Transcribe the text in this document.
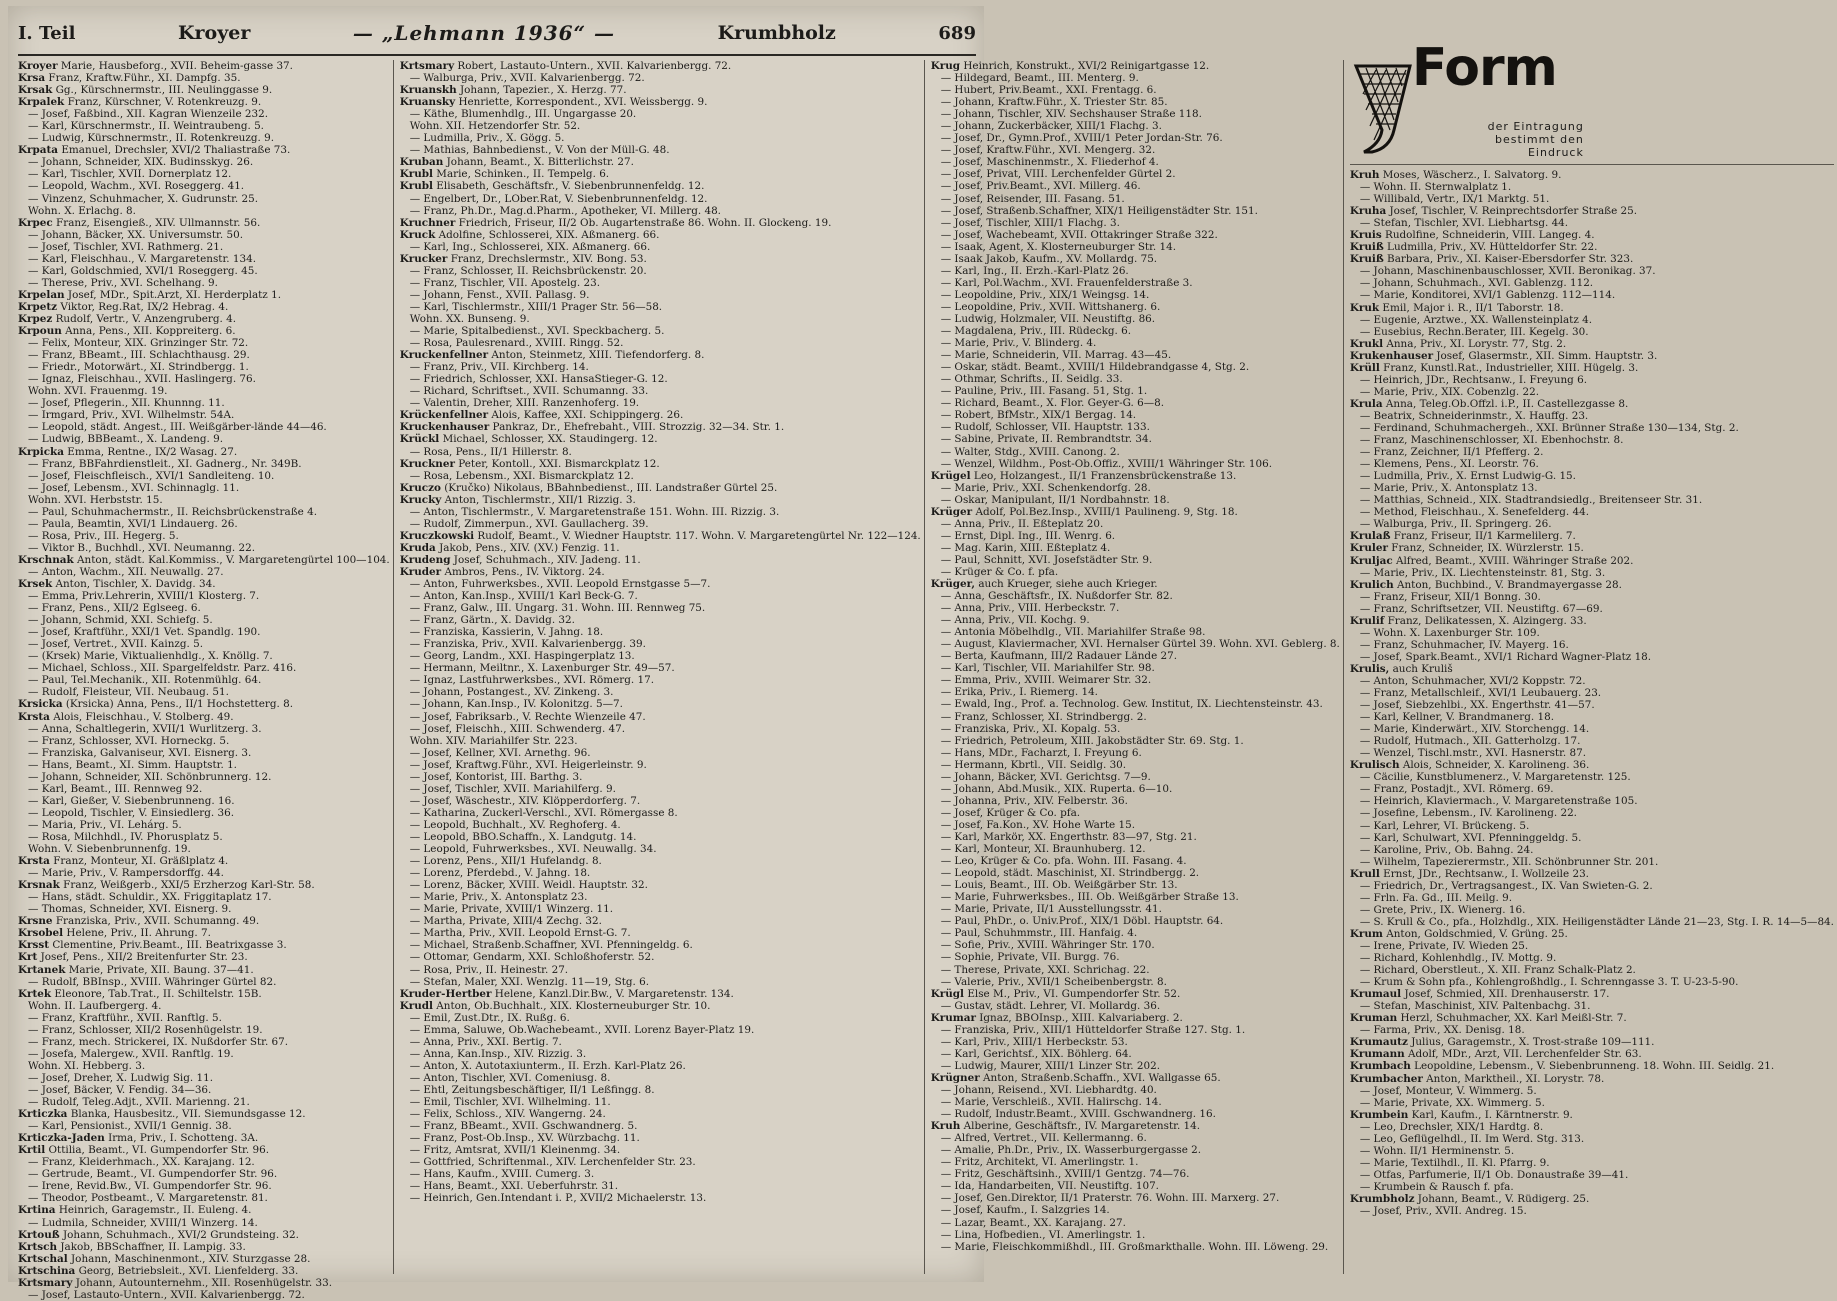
I. Teil	Kroyer	— „Lehmann 1936“ —	Krumbholz	689
Kroyer Marie, Hausbeforg., XVII. Beheim-gasse 37.
Krsa Franz, Kraftw.Führ., XI. Dampfg. 35.
Krsak Gg., Kürschnermstr., III. Neulinggasse 9.
Krpalek Franz, Kürschner, V. Rotenkreuzg. 9.
— Josef, Faßbind., XII. Kagran Wienzeile 232.
— Karl, Kürschnermstr., II. Weintraubeng. 5.
— Ludwig, Kürschnermstr., II. Rotenkreuzg. 9.
Krpata Emanuel, Drechsler, XVI/2 Thaliastraße 73.
— Johann, Schneider, XIX. Budinsskyg. 26.
— Karl, Tischler, XVII. Dornerplatz 12.
— Leopold, Wachm., XVI. Roseggerg. 41.
— Vinzenz, Schuhmacher, X. Gudrunstr. 25.
Wohn. X. Erlachg. 8.
Krpec Franz, Eisengieß., XIV. Ullmannstr. 56.
— Johann, Bäcker, XX. Universumstr. 50.
— Josef, Tischler, XVI. Rathmerg. 21.
— Karl, Fleischhau., V. Margaretenstr. 134.
— Karl, Goldschmied, XVI/1 Roseggerg. 45.
— Therese, Priv., XVI. Schelhang. 9.
Krpelan Josef, MDr., Spit.Arzt, XI. Herderplatz 1.
Krpetz Viktor, Reg.Rat, IX/2 Hebrag. 4.
Krpez Rudolf, Vertr., V. Anzengruberg. 4.
Krpoun Anna, Pens., XII. Koppreiterg. 6.
— Felix, Monteur, XIX. Grinzinger Str. 72.
— Franz, BBeamt., III. Schlachthausg. 29.
— Friedr., Motorwärt., XI. Strindbergg. 1.
— Ignaz, Fleischhau., XVII. Haslingerg. 76.
Wohn. XVI. Frauenmg. 19.
— Josef, Pflegerin., XII. Khunnng. 11.
— Irmgard, Priv., XVI. Wilhelmstr. 54A.
— Leopold, städt. Angest., III. Weißgärber-lände 44—46.
— Ludwig, BBBeamt., X. Landeng. 9.
Krpicka Emma, Rentne., IX/2 Wasag. 27.
— Franz, BBFahrdienstleit., XI. Gadnerg., Nr. 349B.
— Josef, Fleischfleisch., XVI/1 Sandleiteng. 10.
— Josef, Lebensm., XVI. Schinnaglg. 11.
Wohn. XVI. Herbststr. 15.
— Paul, Schuhmachermstr., II. Reichsbrückenstraße 4.
— Paula, Beamtin, XVI/1 Lindauerg. 26.
— Rosa, Priv., III. Hegerg. 5.
— Viktor B., Buchhdl., XVI. Neumanng. 22.
Krschnak Anton, städt. Kal.Kommiss., V. Margaretengürtel 100—104.
— Anton, Wachm., XII. Neuwallg. 27.
Krsek Anton, Tischler, X. Davidg. 34.
— Emma, Priv.Lehrerin, XVIII/1 Klosterg. 7.
— Franz, Pens., XII/2 Eglseeg. 6.
— Johann, Schmid, XXI. Schiefg. 5.
— Josef, Kraftführ., XXI/1 Vet. Spandlg. 190.
— Josef, Vertret., XVII. Kainzg. 5.
— (Krsek) Marie, Viktualienhdlg., X. Knöllg. 7.
— Michael, Schloss., XII. Spargelfeldstr. Parz. 416.
— Paul, Tel.Mechanik., XII. Rotenmühlg. 64.
— Rudolf, Fleisteur, VII. Neubaug. 51.
Krsicka (Krsicka) Anna, Pens., II/1 Hochstetterg. 8.
Krsta Alois, Fleischhau., V. Stolberg. 49.
— Anna, Schaltlegerin, XVII/1 Wurlitzerg. 3.
— Franz, Schlosser, XVI. Horneckg. 5.
— Franziska, Galvaniseur, XVI. Eisnerg. 3.
— Hans, Beamt., XI. Simm. Hauptstr. 1.
— Johann, Schneider, XII. Schönbrunnerg. 12.
— Karl, Beamt., III. Rennweg 92.
— Karl, Gießer, V. Siebenbrunneng. 16.
— Leopold, Tischler, V. Einsiedlerg. 36.
— Maria, Priv., VI. Lehárg. 5.
— Rosa, Milchhdl., IV. Phorusplatz 5.
Wohn. V. Siebenbrunnenfg. 19.
Krsta Franz, Monteur, XI. Gräßlplatz 4.
— Marie, Priv., V. Rampersdorffg. 44.
Krsnak Franz, Weißgerb., XXI/5 Erzherzog Karl-Str. 58.
— Hans, städt. Schuldir., XX. Friggitaplatz 17.
— Thomas, Schneider, XVI. Eisnerg. 9.
Krsne Franziska, Priv., XVII. Schumanng. 49.
Krsobel Helene, Priv., II. Ahrung. 7.
Krsst Clementine, Priv.Beamt., III. Beatrixgasse 3.
Krt Josef, Pens., XII/2 Breitenfurter Str. 23.
Krtanek Marie, Private, XII. Baung. 37—41.
— Rudolf, BBInsp., XVIII. Währinger Gürtel 82.
Krtek Eleonore, Tab.Trat., II. Schiltelstr. 15B.
Wohn. II. Laufbergerg. 4.
— Franz, Kraftführ., XVII. Ranftlg. 5.
— Franz, Schlosser, XII/2 Rosenhügelstr. 19.
— Franz, mech. Strickerei, IX. Nußdorfer Str. 67.
— Josefa, Malergew., XVII. Ranftlg. 19.
Wohn. XI. Hebberg. 3.
— Josef, Dreher, X. Ludwig Sig. 11.
— Josef, Bäcker, V. Fendig. 34—36.
— Rudolf, Teleg.Adjt., XVII. Marienng. 21.
Krticzka Blanka, Hausbesitz., VII. Siemundsgasse 12.
— Karl, Pensionist., XVII/1 Gennig. 38.
Krticzka-Jaden Irma, Priv., I. Schotteng. 3A.
Krtil Ottilia, Beamt., VI. Gumpendorfer Str. 96.
— Franz, Kleiderhmach., XX. Karajang. 12.
— Gertrude, Beamt., VI. Gumpendorfer Str. 96.
— Irene, Revid.Bw., VI. Gumpendorfer Str. 96.
— Theodor, Postbeamt., V. Margaretenstr. 81.
Krtina Heinrich, Garagemstr., II. Euleng. 4.
— Ludmila, Schneider, XVIII/1 Winzerg. 14.
Krtouß Johann, Schuhmach., XVI/2 Grundsteing. 32.
Krtsch Jakob, BBSchaffner, II. Lampig. 33.
Krtschal Johann, Maschinenmont., XIV. Sturzgasse 28.
Krtschina Georg, Betriebsleit., XVI. Lienfelderg. 33.
Krtsmary Johann, Autounternehm., XII. Rosenhügelstr. 33.
— Josef, Lastauto-Untern., XVII. Kalvarienbergg. 72.
Krtsmary Robert, Lastauto-Untern., XVII. Kalvarienbergg. 72.
— Walburga, Priv., XVII. Kalvarienbergg. 72.
Kruanskh Johann, Tapezier., X. Herzg. 77.
Kruansky Henriette, Korrespondent., XVI. Weissbergg. 9.
— Käthe, Blumenhdlg., III. Ungargasse 20.
Wohn. XII. Hetzendorfer Str. 52.
— Ludmilla, Priv., X. Gögg. 5.
— Mathias, Bahnbedienst., V. Von der Müll-G. 48.
Kruban Johann, Beamt., X. Bitterlichstr. 27.
Krubl Marie, Schinken., II. Tempelg. 6.
Krubl Elisabeth, Geschäftsfr., V. Siebenbrunnenfeldg. 12.
— Engelbert, Dr., LOber.Rat, V. Siebenbrunnenfeldg. 12.
— Franz, Ph.Dr., Mag.d.Pharm., Apotheker, VI. Millerg. 48.
Kruchner Friedrich, Friseur, II/2 Ob. Augartenstraße 86. Wohn. II. Glockeng. 19.
Kruck Adolfine, Schlosserei, XIX. Aßmanerg. 66.
— Karl, Ing., Schlosserei, XIX. Aßmanerg. 66.
Krucker Franz, Drechslermstr., XIV. Bong. 53.
— Franz, Schlosser, II. Reichsbrückenstr. 20.
— Franz, Tischler, VII. Apostelg. 23.
— Johann, Fenst., XVII. Pallasg. 9.
— Karl, Tischlermstr., XIII/1 Prager Str. 56—58.
Wohn. XX. Bunseng. 9.
— Marie, Spitalbedienst., XVI. Speckbacherg. 5.
— Rosa, Paulesrenard., XVIII. Ringg. 52.
Kruckenfellner Anton, Steinmetz, XIII. Tiefendorferg. 8.
— Franz, Priv., VII. Kirchberg. 14.
— Friedrich, Schlosser, XXI. HansaStieger-G. 12.
— Richard, Schriftset., XVII. Schumanng. 33.
— Valentin, Dreher, XIII. Ranzenhoferg. 19.
Krückenfellner Alois, Kaffee, XXI. Schippingerg. 26.
Kruckenhauser Pankraz, Dr., Ehefrebaht., VIII. Strozzig. 32—34. Str. 1.
Krückl Michael, Schlosser, XX. Staudingerg. 12.
— Rosa, Pens., II/1 Hillerstr. 8.
Kruckner Peter, Kontoll., XXI. Bismarckplatz 12.
— Rosa, Lebensm., XXI. Bismarckplatz 12.
Kruczo (Kručko) Nikolaus, BBahnbedienst., III. Landstraßer Gürtel 25.
Krucky Anton, Tischlermstr., XII/1 Rizzig. 3.
— Anton, Tischlermstr., V. Margaretenstraße 151. Wohn. III. Rizzig. 3.
— Rudolf, Zimmerpun., XVI. Gaullacherg. 39.
Kruczkowski Rudolf, Beamt., V. Wiedner Hauptstr. 117. Wohn. V. Margaretengürtel Nr. 122—124.
Kruda Jakob, Pens., XIV. (XV.) Fenzig. 11.
Krudeng Josef, Schuhmach., XIV. Jadeng. 11.
Kruder Ambros, Pens., IV. Viktorg. 24.
— Anton, Fuhrwerksbes., XVII. Leopold Ernstgasse 5—7.
— Anton, Kan.Insp., XVIII/1 Karl Beck-G. 7.
— Franz, Galw., III. Ungarg. 31. Wohn. III. Rennweg 75.
— Franz, Gärtn., X. Davidg. 32.
— Franziska, Kassierin, V. Jahng. 18.
— Franziska, Priv., XVII. Kalvarienbergg. 39.
— Georg, Landm., XXI. Haspingerplatz 13.
— Hermann, Meiltnr., X. Laxenburger Str. 49—57.
— Ignaz, Lastfuhrwerksbes., XVI. Römerg. 17.
— Johann, Postangest., XV. Zinkeng. 3.
— Johann, Kan.Insp., IV. Kolonitzg. 5—7.
— Josef, Fabriksarb., V. Rechte Wienzeile 47.
— Josef, Fleischh., XIII. Schwenderg. 47.
Wohn. XIV. Mariahilfer Str. 223.
— Josef, Kellner, XVI. Arnethg. 96.
— Josef, Kraftwg.Führ., XVI. Heigerleinstr. 9.
— Josef, Kontorist, III. Barthg. 3.
— Josef, Tischler, XVII. Mariahilferg. 9.
— Josef, Wäschestr., XIV. Klöpperdorferg. 7.
— Katharina, Zuckerl-Verschl., XVI. Römergasse 8.
— Leopold, Buchhalt., XV. Reghoferg. 4.
— Leopold, BBO.Schaffn., X. Landgutg. 14.
— Leopold, Fuhrwerksbes., XVI. Neuwallg. 34.
— Lorenz, Pens., XII/1 Hufelandg. 8.
— Lorenz, Pferdebd., V. Jahng. 18.
— Lorenz, Bäcker, XVIII. Weidl. Hauptstr. 32.
— Marie, Priv., X. Antonsplatz 23.
— Marie, Private, XVIII/1 Winzerg. 11.
— Martha, Private, XIII/4 Zechg. 32.
— Martha, Priv., XVII. Leopold Ernst-G. 7.
— Michael, Straßenb.Schaffner, XVI. Pfenningeldg. 6.
— Ottomar, Gendarm, XXI. Schloßhoferstr. 52.
— Rosa, Priv., II. Heinestr. 27.
— Stefan, Maler, XXI. Wenzlg. 11—19, Stg. 6.
Kruder-Hertber Helene, Kanzl.Dir.Bw., V. Margaretenstr. 134.
Krudl Anton, Ob.Buchhalt., XIX. Klosterneuburger Str. 10.
— Emil, Zust.Dtr., IX. Rußg. 6.
— Emma, Saluwe, Ob.Wachebeamt., XVII. Lorenz Bayer-Platz 19.
— Anna, Priv., XXI. Bertig. 7.
— Anna, Kan.Insp., XIV. Rizzig. 3.
— Anton, X. Autotaxiunterm., II. Erzh. Karl-Platz 26.
— Anton, Tischler, XVI. Comeniusg. 8.
— Ehtl, Zeitungsbeschäftiger, II/1 Leßfingg. 8.
— Emil, Tischler, XVI. Wilhelming. 11.
— Felix, Schloss., XIV. Wangerng. 24.
— Franz, BBeamt., XVII. Gschwandnerg. 5.
— Franz, Post-Ob.Insp., XV. Würzbachg. 11.
— Fritz, Amtsrat, XVII/1 Kleinenmg. 34.
— Gottfried, Schriftenmal., XIV. Lerchenfelder Str. 23.
— Hans, Kaufm., XVIII. Cumerg. 3.
— Hans, Beamt., XXI. Ueberfuhrstr. 31.
— Heinrich, Gen.Intendant i. P., XVII/2 Michaelerstr. 13.
Krug Heinrich, Konstrukt., XVI/2 Reinigartgasse 12.
— Hildegard, Beamt., III. Menterg. 9.
— Hubert, Priv.Beamt., XXI. Frentagg. 6.
— Johann, Kraftw.Führ., X. Triester Str. 85.
— Johann, Tischler, XIV. Sechshauser Straße 118.
— Johann, Zuckerbäcker, XIII/1 Flachg. 3.
— Josef, Dr., Gymn.Prof., XVIII/1 Peter Jordan-Str. 76.
— Josef, Kraftw.Führ., XVI. Mengerg. 32.
— Josef, Maschinenmstr., X. Fliederhof 4.
— Josef, Privat, VIII. Lerchenfelder Gürtel 2.
— Josef, Priv.Beamt., XVI. Millerg. 46.
— Josef, Reisender, III. Fasang. 51.
— Josef, Straßenb.Schaffner, XIX/1 Heiligenstädter Str. 151.
— Josef, Tischler, XIII/1 Flachg. 3.
— Josef, Wachebeamt, XVII. Ottakringer Straße 322.
— Isaak, Agent, X. Klosterneuburger Str. 14.
— Isaak Jakob, Kaufm., XV. Mollardg. 75.
— Karl, Ing., II. Erzh.-Karl-Platz 26.
— Karl, Pol.Wachm., XVI. Frauenfelderstraße 3.
— Leopoldine, Priv., XIX/1 Weingsg. 14.
— Leopoldine, Priv., XVII. Wittshanerg. 6.
— Ludwig, Holzmaler, VII. Neustiftg. 86.
— Magdalena, Priv., III. Rüdeckg. 6.
— Marie, Priv., V. Blinderg. 4.
— Marie, Schneiderin, VII. Marrag. 43—45.
— Oskar, städt. Beamt., XVIII/1 Hildebrandgasse 4, Stg. 2.
— Othmar, Schrifts., II. Seidlg. 33.
— Pauline, Priv., III. Fasang. 51, Stg. 1.
— Richard, Beamt., X. Flor. Geyer-G. 6—8.
— Robert, BfMstr., XIX/1 Bergag. 14.
— Rudolf, Schlosser, VII. Hauptstr. 133.
— Sabine, Private, II. Rembrandtstr. 34.
— Walter, Stdg., XVIII. Canong. 2.
— Wenzel, Wildhm., Post-Ob.Offiz., XVIII/1 Währinger Str. 106.
Krügel Leo, Holzangest., II/1 Franzensbrückenstraße 13.
— Marie, Priv., XXI. Schenkendorfg. 28.
— Oskar, Manipulant, II/1 Nordbahnstr. 18.
Krüger Adolf, Pol.Bez.Insp., XVIII/1 Paulineng. 9, Stg. 18.
— Anna, Priv., II. Eßteplatz 20.
— Ernst, Dipl. Ing., III. Wenrg. 6.
— Mag. Karin, XIII. Eßteplatz 4.
— Paul, Schnitt, XVI. Josefstädter Str. 9.
— Krüger & Co. f. pfa.
Krüger, auch Krueger, siehe auch Krieger.
— Anna, Geschäftsfr., IX. Nußdorfer Str. 82.
— Anna, Priv., VIII. Herbeckstr. 7.
— Anna, Priv., VII. Kochg. 9.
— Antonia Möbelhdlg., VII. Mariahilfer Straße 98.
— August, Klaviermacher, XVI. Hernalser Gürtel 39. Wohn. XVI. Geblerg. 8.
— Berta, Kaufmann, III/2 Radauer Lände 27.
— Karl, Tischler, VII. Mariahilfer Str. 98.
— Emma, Priv., XVIII. Weimarer Str. 32.
— Erika, Priv., I. Riemerg. 14.
— Ewald, Ing., Prof. a. Technolog. Gew. Institut, IX. Liechtensteinstr. 43.
— Franz, Schlosser, XI. Strindbergg. 2.
— Franziska, Priv., XI. Kopalg. 53.
— Friedrich, Petroleum, XIII. Jakobstädter Str. 69. Stg. 1.
— Hans, MDr., Facharzt, I. Freyung 6.
— Hermann, Kbrtl., VII. Seidlg. 30.
— Johann, Bäcker, XVI. Gerichtsg. 7—9.
— Johann, Abd.Musik., XIX. Ruperta. 6—10.
— Johanna, Priv., XIV. Felberstr. 36.
— Josef, Krüger & Co. pfa.
— Josef, Fa.Kon., XV. Hohe Warte 15.
— Karl, Markör, XX. Engerthstr. 83—97, Stg. 21.
— Karl, Monteur, XI. Braunhuberg. 12.
— Leo, Krüger & Co. pfa. Wohn. III. Fasang. 4.
— Leopold, städt. Maschinist, XI. Strindbergg. 2.
— Louis, Beamt., III. Ob. Weißgärber Str. 13.
— Marie, Fuhrwerksbes., III. Ob. Weißgärber Straße 13.
— Marie, Private, II/1 Ausstellungsstr. 41.
— Paul, PhDr., o. Univ.Prof., XIX/1 Döbl. Hauptstr. 64.
— Paul, Schuhmmstr., III. Hanfaig. 4.
— Sofie, Priv., XVIII. Währinger Str. 170.
— Sophie, Private, VII. Burgg. 76.
— Therese, Private, XXI. Schrichag. 22.
— Valerie, Priv., XVII/1 Scheibenbergstr. 8.
Krügl Else M., Priv., VI. Gumpendorfer Str. 52.
— Gustav, städt. Lehrer, VI. Mollardg. 36.
Krumar Ignaz, BBOInsp., XIII. Kalvariaberg. 2.
— Franziska, Priv., XIII/1 Hütteldorfer Straße 127. Stg. 1.
— Karl, Priv., XIII/1 Herbeckstr. 53.
— Karl, Gerichtsf., XIX. Böhlerg. 64.
— Ludwig, Maurer, XIII/1 Linzer Str. 202.
Krügner Anton, Straßenb.Schaffn., XVI. Wallgasse 65.
— Johann, Reisend., XVI. Liebhardtg. 40.
— Marie, Verschleiß., XVII. Halirschg. 14.
— Rudolf, Industr.Beamt., XVIII. Gschwandnerg. 16.
Kruh Alberine, Geschäftsfr., IV. Margaretenstr. 14.
— Alfred, Vertret., VII. Kellermanng. 6.
— Amalie, Ph.Dr., Priv., IX. Wasserburgergasse 2.
— Fritz, Architekt, VI. Amerlingstr. 1.
— Fritz, Geschäftsinh., XVIII/1 Gentzg. 74—76.
— Ida, Handarbeiten, VII. Neustiftg. 107.
— Josef, Gen.Direktor, II/1 Praterstr. 76. Wohn. III. Marxerg. 27.
— Josef, Kaufm., I. Salzgries 14.
— Lazar, Beamt., XX. Karajang. 27.
— Lina, Hofbedien., VI. Amerlingstr. 1.
— Marie, Fleischkommißhdl., III. Großmarkthalle. Wohn. III. Löweng. 29.
Form
der Eintragung
bestimmt den
Eindruck
Kruh Moses, Wäscherz., I. Salvatorg. 9.
— Wohn. II. Sternwalplatz 1.
— Willibald, Vertr., IX/1 Marktg. 51.
Kruha Josef, Tischler, V. Reinprechtsdorfer Straße 25.
— Stefan, Tischler, XVI. Liebhartsg. 44.
Kruis Rudolfine, Schneiderin, VIII. Langeg. 4.
Kruiß Ludmilla, Priv., XV. Hütteldorfer Str. 22.
Kruiß Barbara, Priv., XI. Kaiser-Ebersdorfer Str. 323.
— Johann, Maschinenbauschlosser, XVII. Beronikag. 37.
— Johann, Schuhmach., XVI. Gablenzg. 112.
— Marie, Konditorei, XVI/1 Gablenzg. 112—114.
Kruk Emil, Major i. R., II/1 Taborstr. 18.
— Eugenie, Arztwe., XX. Wallensteinplatz 4.
— Eusebius, Rechn.Berater, III. Kegelg. 30.
Krukl Anna, Priv., XI. Lorystr. 77, Stg. 2.
Krukenhauser Josef, Glasermstr., XII. Simm. Hauptstr. 3.
Krüll Franz, Kunstl.Rat., Industrieller, XIII. Hügelg. 3.
— Heinrich, JDr., Rechtsanw., I. Freyung 6.
— Marie, Priv., XIX. Cobenzlg. 22.
Krula Anna, Teleg.Ob.Offzl. i.P., II. Castellezgasse 8.
— Beatrix, Schneiderinmstr., X. Hauffg. 23.
— Ferdinand, Schuhmachergeh., XXI. Brünner Straße 130—134, Stg. 2.
— Franz, Maschinenschlosser, XI. Ebenhochstr. 8.
— Franz, Zeichner, II/1 Pfefferg. 2.
— Klemens, Pens., XI. Leorstr. 76.
— Ludmilla, Priv., X. Ernst Ludwig-G. 15.
— Marie, Priv., X. Antonsplatz 13.
— Matthias, Schneid., XIX. Stadtrandsiedlg., Breitenseer Str. 31.
— Method, Fleischhau., X. Senefelderg. 44.
— Walburga, Priv., II. Springerg. 26.
Krulaß Franz, Friseur, II/1 Karmelilerg. 7.
Kruler Franz, Schneider, IX. Würzlerstr. 15.
Kruljac Alfred, Beamt., XVIII. Währinger Straße 202.
— Marie, Priv., IX. Liechtensteinstr. 81, Stg. 3.
Krulich Anton, Buchbind., V. Brandmayergasse 28.
— Franz, Friseur, XII/1 Bonng. 30.
— Franz, Schriftsetzer, VII. Neustiftg. 67—69.
Krulif Franz, Delikatessen, X. Alzingerg. 33.
— Wohn. X. Laxenburger Str. 109.
— Franz, Schuhmacher, IV. Mayerg. 16.
— Josef, Spark.Beamt., XVI/1 Richard Wagner-Platz 18.
Krulis, auch Kruliš
— Anton, Schuhmacher, XVI/2 Koppstr. 72.
— Franz, Metallschleif., XVI/1 Leubauerg. 23.
— Josef, Siebzehlbi., XX. Engerthstr. 41—57.
— Karl, Kellner, V. Brandmanerg. 18.
— Marie, Kinderwärt., XIV. Storchengg. 14.
— Rudolf, Hutmach., XII. Gatterholzg. 17.
— Wenzel, Tischl.mstr., XVI. Hasnerstr. 87.
Krulisch Alois, Schneider, X. Karolineng. 36.
— Cäcilie, Kunstblumenerz., V. Margaretenstr. 125.
— Franz, Postadjt., XVI. Römerg. 69.
— Heinrich, Klaviermach., V. Margaretenstraße 105.
— Josefine, Lebensm., IV. Karolineng. 22.
— Karl, Lehrer, VI. Brückeng. 5.
— Karl, Schulwart, XVI. Pfenninggeldg. 5.
— Karoline, Priv., Ob. Bahng. 24.
— Wilhelm, Tapezierermstr., XII. Schönbrunner Str. 201.
Krull Ernst, JDr., Rechtsanw., I. Wollzeile 23.
— Friedrich, Dr., Vertragsangest., IX. Van Swieten-G. 2.
— Frln. Fa. Gd., III. Meilg. 9.
— Grete, Priv., IX. Wienerg. 16.
— S. Krull & Co., pfa., Holzhdlg., XIX. Heiligenstädter Lände 21—23, Stg. I. R. 14—5—84.
Krum Anton, Goldschmied, V. Grüng. 25.
— Irene, Private, IV. Wieden 25.
— Richard, Kohlenhdlg., IV. Mottg. 9.
— Richard, Oberstleut., X. XII. Franz Schalk-Platz 2.
— Krum & Sohn pfa., Kohlengroßhdlg., I. Schrenngasse 3. T. U-23-5-90.
Krumaul Josef, Schmied, XII. Drenhauserstr. 17.
— Stefan, Maschinist, XIV. Paltenbachg. 31.
Kruman Herzl, Schuhmacher, XX. Karl Meißl-Str. 7.
— Farma, Priv., XX. Denisg. 18.
Krumautz Julius, Garagemstr., X. Trost-straße 109—111.
Krumann Adolf, MDr., Arzt, VII. Lerchenfelder Str. 63.
Krumbach Leopoldine, Lebensm., V. Siebenbrunneng. 18. Wohn. III. Seidlg. 21.
Krumbacher Anton, Marktheil., XI. Lorystr. 78.
— Josef, Monteur, V. Wimmerg. 5.
— Marie, Private, XX. Wimmerg. 5.
Krumbein Karl, Kaufm., I. Kärntnerstr. 9.
— Leo, Drechsler, XIX/1 Hardtg. 8.
— Leo, Geflügelhdl., II. Im Werd. Stg. 313.
— Wohn. II/1 Herminenstr. 5.
— Marie, Textilhdl., II. Kl. Pfarrg. 9.
— Otfas, Parfumerie, II/1 Ob. Donaustraße 39—41.
— Krumbein & Rausch f. pfa.
Krumbholz Johann, Beamt., V. Rüdigerg. 25.
— Josef, Priv., XVII. Andreg. 15.
